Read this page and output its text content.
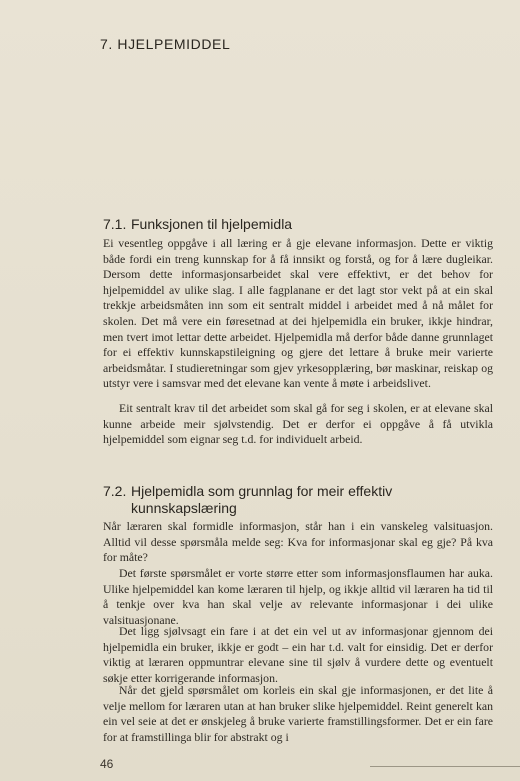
7. HJELPEMIDDEL
7.1. Funksjonen til hjelpemidla

Ei vesentleg oppgåve i all læring er å gje elevane informasjon. Dette er viktig både fordi ein treng kunnskap for å få innsikt og forstå, og for å lære dugleikar. Dersom dette informasjonsarbeidet skal vere effektivt, er det behov for hjelpemiddel av ulike slag. I alle fagplanane er det lagt stor vekt på at ein skal trekkje arbeidsmåten inn som eit sentralt middel i arbeidet med å nå målet for skolen. Det må vere ein føresetnad at dei hjelpemidla ein bruker, ikkje hindrar, men tvert imot lettar dette arbeidet. Hjelpemidla må derfor både danne grunnlaget for ei effektiv kunnskapstileigning og gjere det lettare å bruke meir varierte arbeidsmåtar. I studieretningar som gjev yrkesopplæring, bør maskinar, reiskap og utstyr vere i samsvar med det elevane kan vente å møte i arbeidslivet.

Eit sentralt krav til det arbeidet som skal gå for seg i skolen, er at elevane skal kunne arbeide meir sjølvstendig. Det er derfor ei oppgåve å få utvikla hjelpemiddel som eignar seg t.d. for individuelt arbeid.

7.2. Hjelpemidla som grunnlag for meir effektiv kunnskapslæring

Når læraren skal formidle informasjon, står han i ein vanskeleg valsituasjon. Alltid vil desse spørsmåla melde seg: Kva for informasjonar skal eg gje? På kva for måte?

Det første spørsmålet er vorte større etter som informasjonsflaumen har auka. Ulike hjelpemiddel kan kome læraren til hjelp, og ikkje alltid vil læraren ha tid til å tenkje over kva han skal velje av relevante informasjonar i dei ulike valsituasjonane.

Det ligg sjølvsagt ein fare i at det ein vel ut av informasjonar gjennom dei hjelpemidla ein bruker, ikkje er godt – ein har t.d. valt for einsidig. Det er derfor viktig at læraren oppmuntrar elevane sine til sjølv å vurdere dette og eventuelt søkje etter korrigerande informasjon.

Når det gjeld spørsmålet om korleis ein skal gje informasjonen, er det lite å velje mellom for læraren utan at han bruker slike hjelpemiddel. Reint generelt kan ein vel seie at det er ønskjeleg å bruke varierte framstillingsformer. Det er ein fare for at framstillinga blir for abstrakt og i

46
